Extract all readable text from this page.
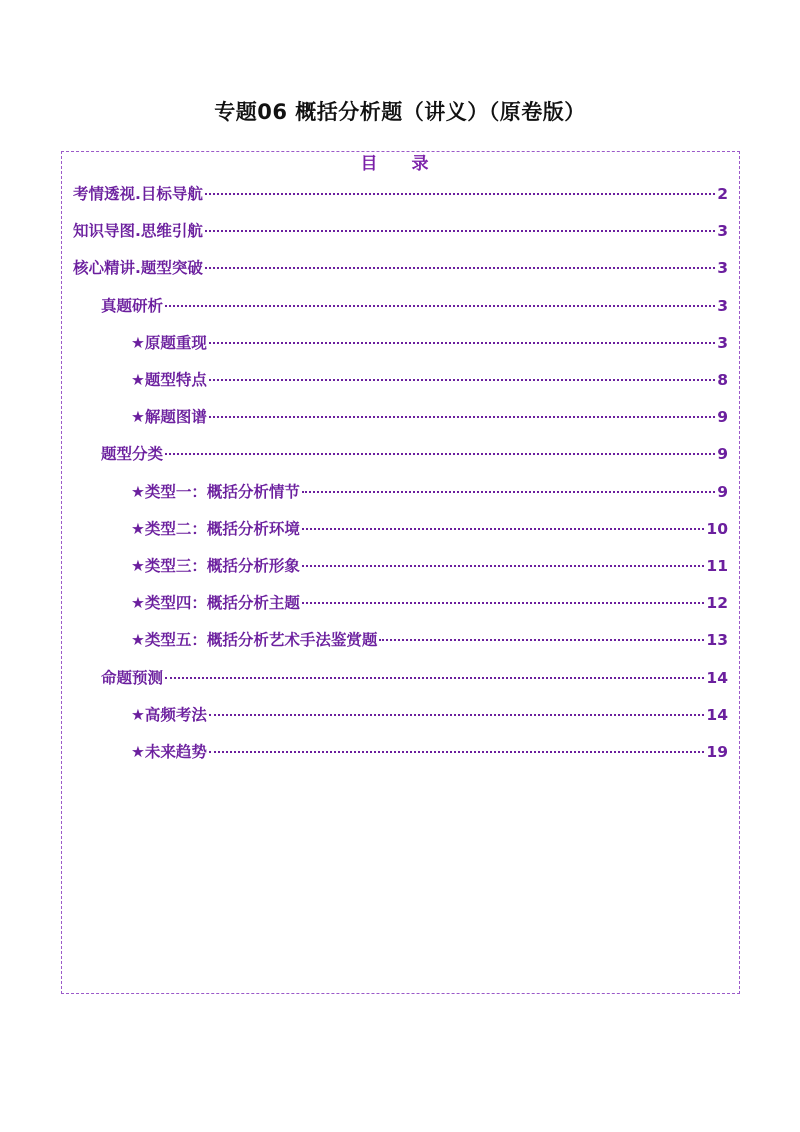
专题06 概括分析题（讲义）（原卷版）
目 录
考情透视.目标导航	2
知识导图.思维引航	3
核心精讲.题型突破	3
真题研析	3
★原题重现	3
★题型特点	8
★解题图谱	9
题型分类	9
★类型一：概括分析情节	9
★类型二：概括分析环境	10
★类型三：概括分析形象	11
★类型四：概括分析主题	12
★类型五：概括分析艺术手法鉴赏题	13
命题预测	14
★高频考法	14
★未来趋势	19
